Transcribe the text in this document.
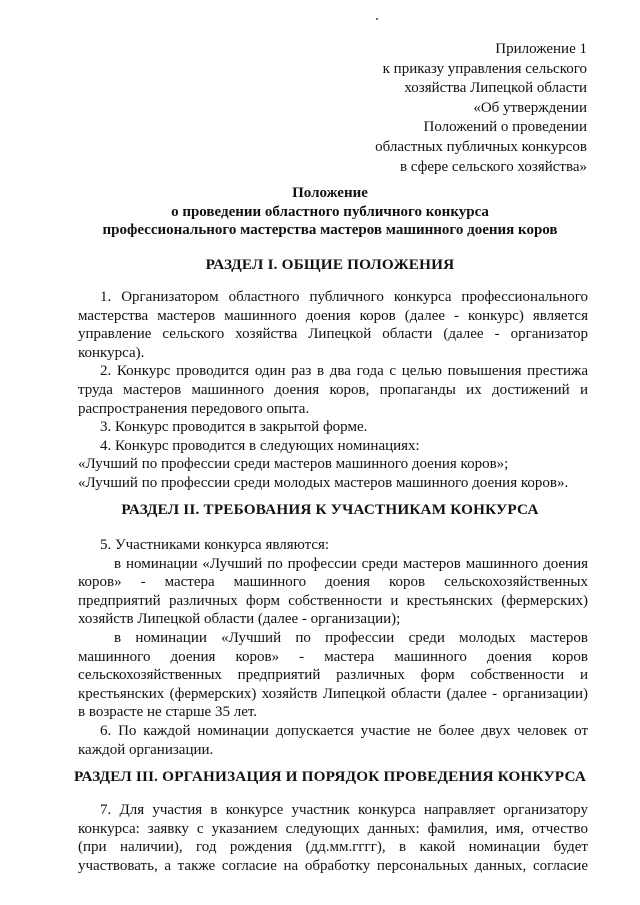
Приложение 1
к приказу управления сельского
хозяйства Липецкой области
«Об утверждении
Положений о проведении
областных публичных конкурсов
в сфере сельского хозяйства»
Положение
о проведении областного публичного конкурса
профессионального мастерства мастеров машинного доения коров
РАЗДЕЛ I. ОБЩИЕ ПОЛОЖЕНИЯ
1. Организатором областного публичного конкурса профессионального
мастерства мастеров машинного доения коров (далее - конкурс) является
управление сельского хозяйства Липецкой области (далее - организатор
конкурса).
2. Конкурс проводится один раз в два года с целью повышения престижа
труда мастеров машинного доения коров, пропаганды их достижений и
распространения передового опыта.
3. Конкурс проводится в закрытой форме.
4. Конкурс проводится в следующих номинациях:
«Лучший по профессии среди мастеров машинного доения коров»;
«Лучший по профессии среди молодых мастеров машинного доения коров».
РАЗДЕЛ II. ТРЕБОВАНИЯ К УЧАСТНИКАМ КОНКУРСА
5. Участниками конкурса являются:
в номинации «Лучший по профессии среди мастеров машинного доения
коров» - мастера машинного доения коров сельскохозяйственных
предприятий различных форм собственности и крестьянских (фермерских)
хозяйств Липецкой области (далее - организации);
в номинации «Лучший по профессии среди молодых мастеров
машинного доения коров» - мастера машинного доения коров
сельскохозяйственных предприятий различных форм собственности и
крестьянских (фермерских) хозяйств Липецкой области (далее - организации)
в возрасте не старше 35 лет.
6. По каждой номинации допускается участие не более двух человек от
каждой организации.
РАЗДЕЛ III. ОРГАНИЗАЦИЯ И ПОРЯДОК ПРОВЕДЕНИЯ КОНКУРСА
7. Для участия в конкурсе участник конкурса направляет организатору
конкурса: заявку с указанием следующих данных: фамилия, имя, отчество
(при наличии), год рождения (дд.мм.гггг), в какой номинации будет
участвовать, а также согласие на обработку персональных данных, согласие
